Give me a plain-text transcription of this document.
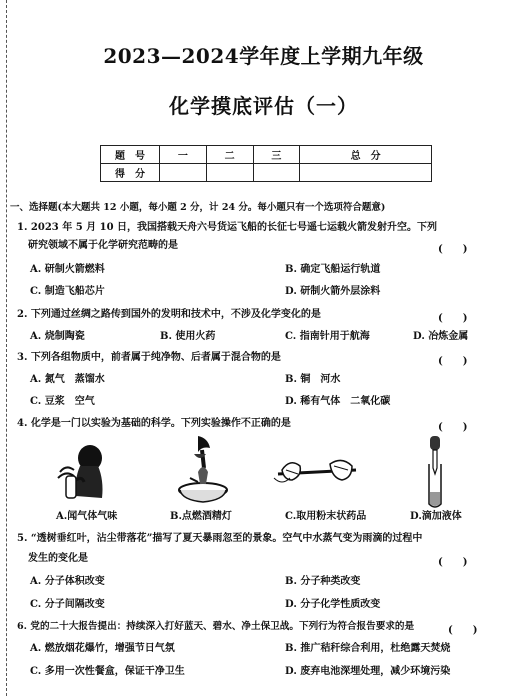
2023—2024学年度上学期九年级
化学摸底评估（一）
题　号	一	二	三	总　分
得　分				
一、选择题(本大题共 12 小题，每小题 2 分，计 24 分。每小题只有一个选项符合题意)
1. 2023 年 5 月 10 日，我国搭载天舟六号货运飞船的长征七号遥七运载火箭发射升空。下列
研究领域不属于化学研究范畴的是	(　　)
A. 研制火箭燃料	B. 确定飞船运行轨道
C. 制造飞船芯片	D. 研制火箭外层涂料
2. 下列通过丝绸之路传到国外的发明和技术中，不涉及化学变化的是	(　　)
A. 烧制陶瓷	B. 使用火药	C. 指南针用于航海	D. 冶炼金属
3. 下列各组物质中，前者属于纯净物、后者属于混合物的是	(　　)
A. 氮气　蒸馏水	B. 铜　河水
C. 豆浆　空气	D. 稀有气体　二氧化碳
4. 化学是一门以实验为基础的科学。下列实验操作不正确的是	(　　)
A.闻气体气味	B.点燃酒精灯	C.取用粉末状药品	D.滴加液体
5. “透树垂红叶，沾尘带落花”描写了夏天暴雨忽至的景象。空气中水蒸气变为雨滴的过程中
发生的变化是	(　　)
A. 分子体积改变	B. 分子种类改变
C. 分子间隔改变	D. 分子化学性质改变
6. 党的二十大报告提出：持续深入打好蓝天、碧水、净土保卫战。下列行为符合报告要求的是	(　　)
A. 燃放烟花爆竹，增强节日气氛	B. 推广秸秆综合利用，杜绝露天焚烧
C. 多用一次性餐盒，保证干净卫生	D. 废弃电池深埋处理，减少环境污染
